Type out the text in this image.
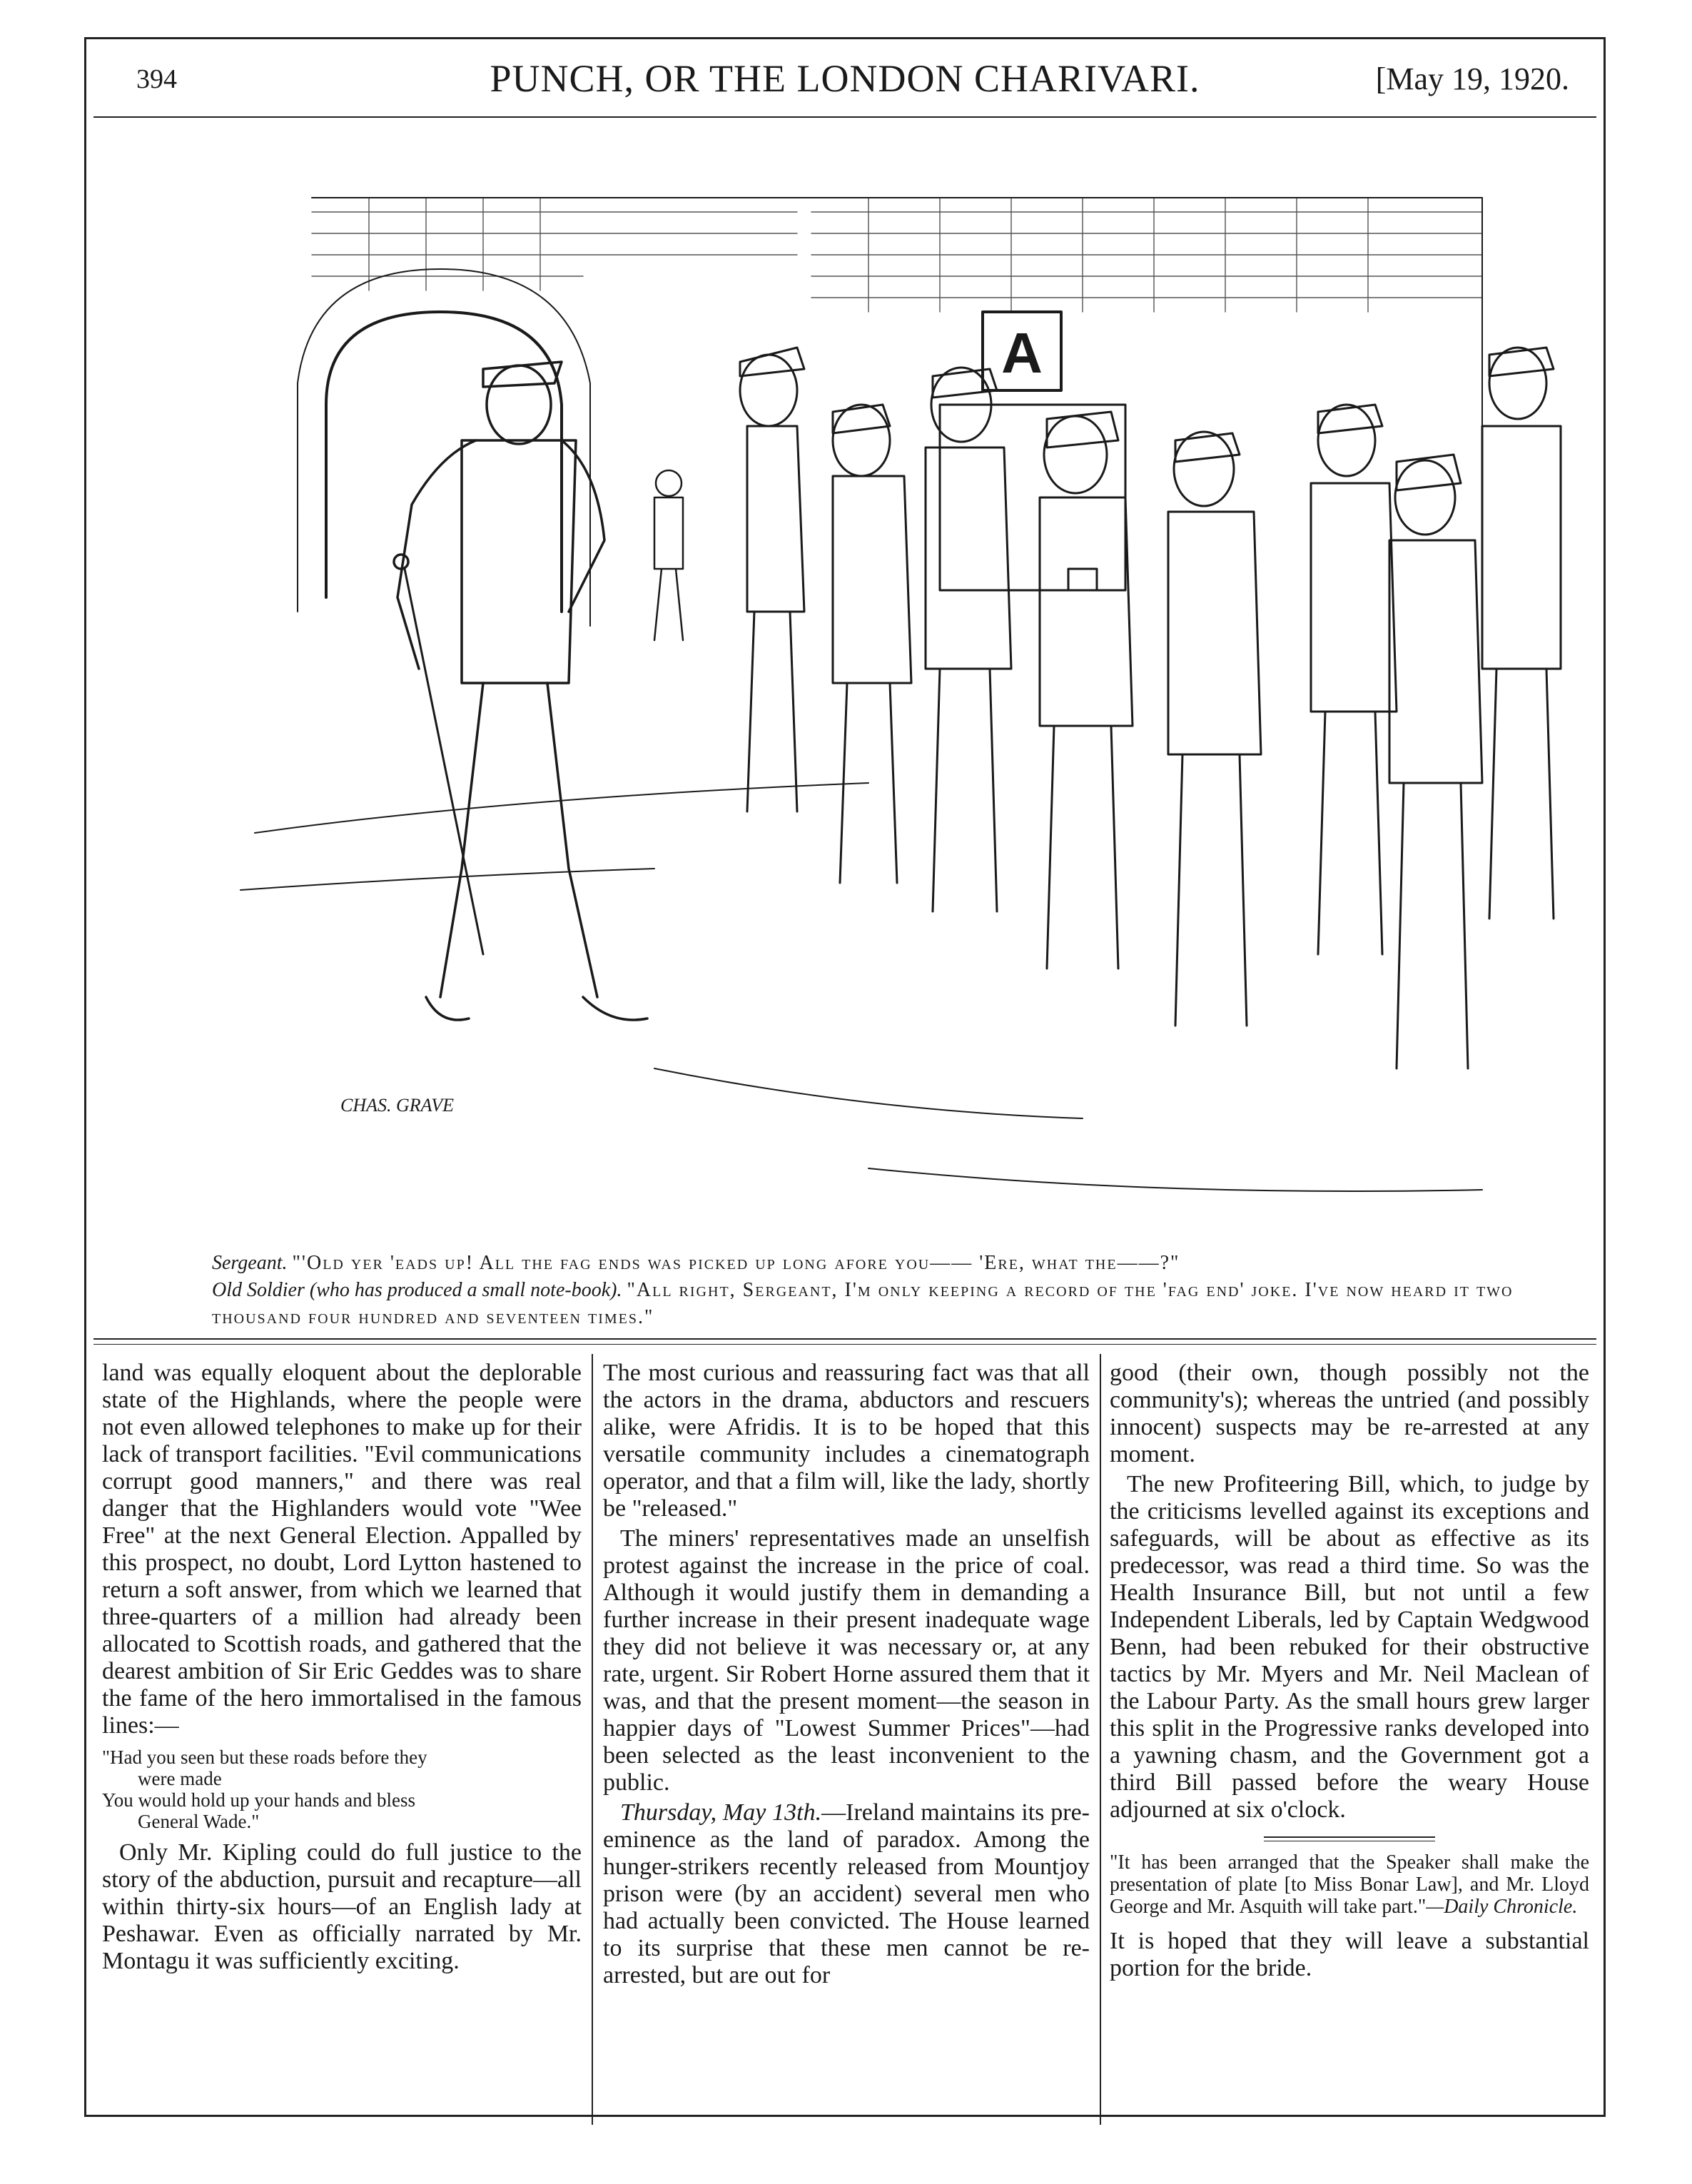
394	PUNCH, OR THE LONDON CHARIVARI.	[May 19, 1920.
A
CHAS. GRAVE

Sergeant. "'Old yer 'eads up! All the fag ends was picked up long afore you—— 'Ere, what the——?"

Old Soldier (who has produced a small note-book). "All right, Sergeant, I'm only keeping a record of the 'fag end' joke. I've now heard it two thousand four hundred and seventeen times."

land was equally eloquent about the deplorable state of the Highlands, where the people were not even allowed telephones to make up for their lack of transport facilities. "Evil communications corrupt good manners," and there was real danger that the Highlanders would vote "Wee Free" at the next General Election. Appalled by this prospect, no doubt, Lord Lytton hastened to return a soft answer, from which we learned that three-quarters of a million had already been allocated to Scottish roads, and gathered that the dearest ambition of Sir Eric Geddes was to share the fame of the hero immortalised in the famous lines:—

"Had you seen but these roads before they
were made
You would hold up your hands and bless
General Wade."

Only Mr. Kipling could do full justice to the story of the abduction, pursuit and recapture—all within thirty-six hours—of an English lady at Peshawar. Even as officially narrated by Mr. Montagu it was sufficiently exciting.

The most curious and reassuring fact was that all the actors in the drama, abductors and rescuers alike, were Afridis. It is to be hoped that this versatile community includes a cinematograph operator, and that a film will, like the lady, shortly be "released."

The miners' representatives made an unselfish protest against the increase in the price of coal. Although it would justify them in demanding a further increase in their present inadequate wage they did not believe it was necessary or, at any rate, urgent. Sir Robert Horne assured them that it was, and that the present moment—the season in happier days of "Lowest Summer Prices"—had been selected as the least inconvenient to the public.

Thursday, May 13th.—Ireland maintains its pre-eminence as the land of paradox. Among the hunger-strikers recently released from Mountjoy prison were (by an accident) several men who had actually been convicted. The House learned to its surprise that these men cannot be re-arrested, but are out for

good (their own, though possibly not the community's); whereas the untried (and possibly innocent) suspects may be re-arrested at any moment.

The new Profiteering Bill, which, to judge by the criticisms levelled against its exceptions and safeguards, will be about as effective as its predecessor, was read a third time. So was the Health Insurance Bill, but not until a few Independent Liberals, led by Captain Wedgwood Benn, had been rebuked for their obstructive tactics by Mr. Myers and Mr. Neil Maclean of the Labour Party. As the small hours grew larger this split in the Progressive ranks developed into a yawning chasm, and the Government got a third Bill passed before the weary House adjourned at six o'clock.

"It has been arranged that the Speaker shall make the presentation of plate [to Miss Bonar Law], and Mr. Lloyd George and Mr. Asquith will take part."—Daily Chronicle.

It is hoped that they will leave a substantial portion for the bride.
